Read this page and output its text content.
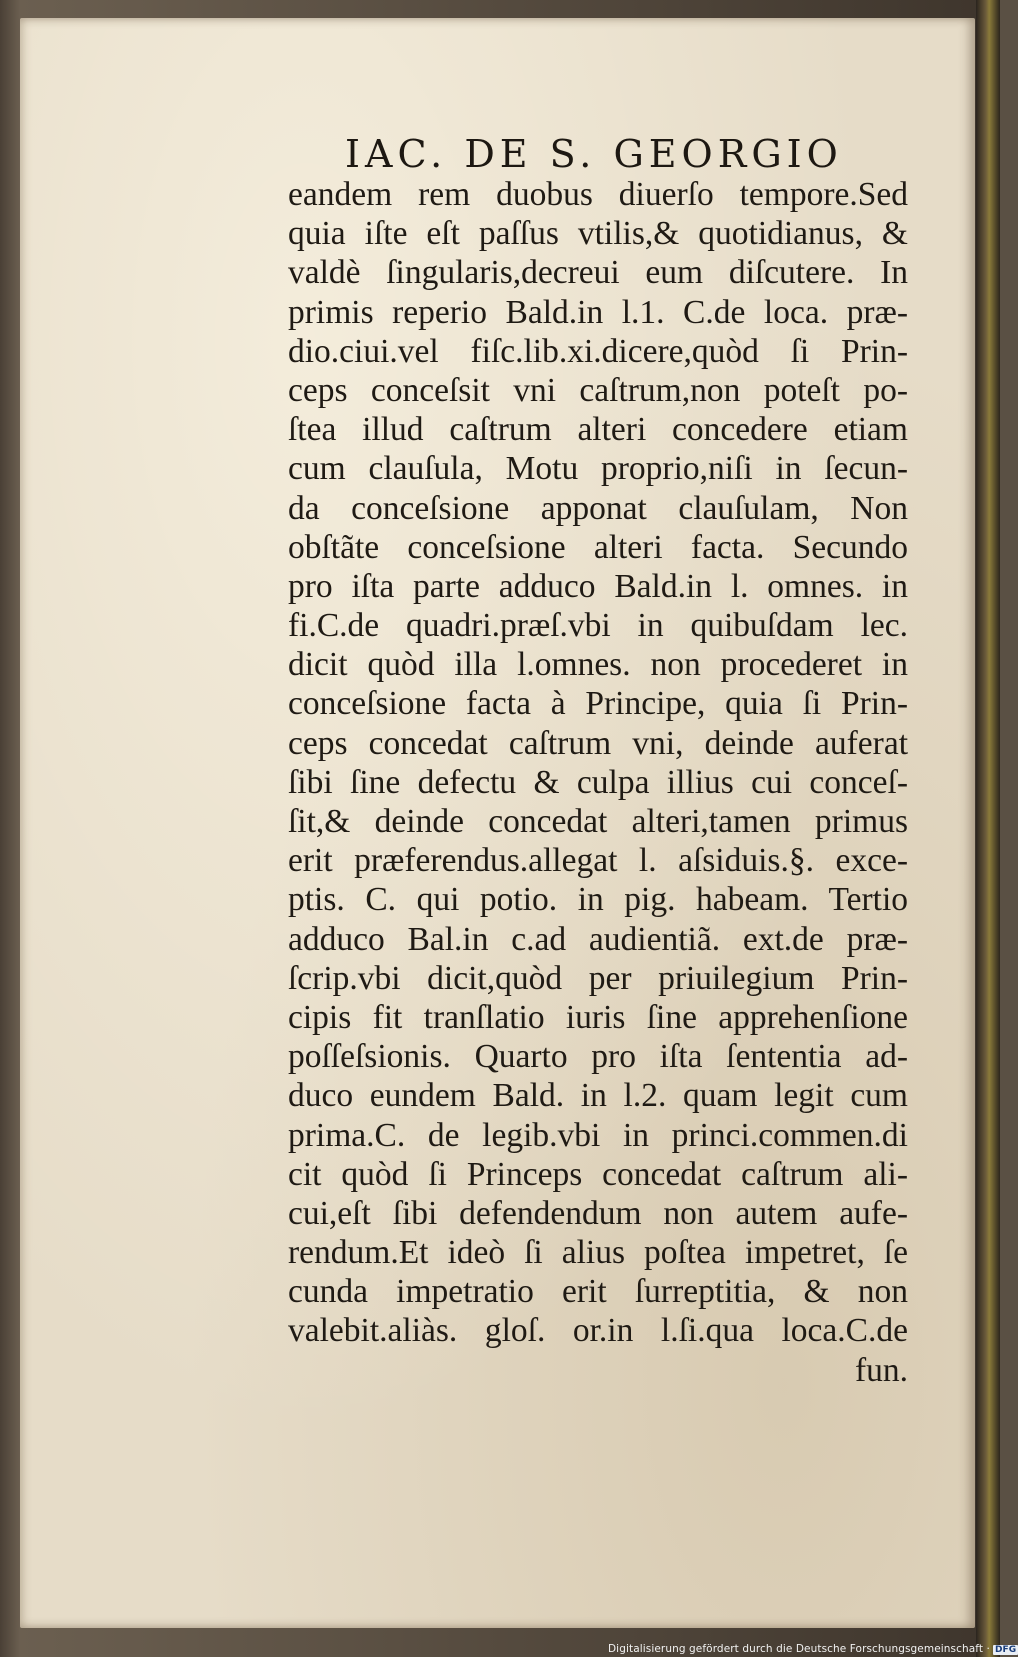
IAC. DE S. GEORGIO
eandem rem duobus diuerſo tempore.Sed
quia iſte eſt paſſus vtilis,& quotidianus, &
valdè ſingularis,decreui eum diſcutere. In
primis reperio Bald.in l.1. C.de loca. præ-
dio.ciui.vel fiſc.lib.xi.dicere,quòd ſi Prin-
ceps conceſsit vni caſtrum,non poteſt po-
ſtea illud caſtrum alteri concedere etiam
cum clauſula, Motu proprio,niſi in ſecun-
da conceſsione apponat clauſulam, Non
obſtãte conceſsione alteri facta. Secundo
pro iſta parte adduco Bald.in l. omnes. in
fi.C.de quadri.præſ.vbi in quibuſdam lec.
dicit quòd illa l.omnes. non procederet in
conceſsione facta à Principe, quia ſi Prin-
ceps concedat caſtrum vni, deinde auferat
ſibi ſine defectu & culpa illius cui conceſ-
ſit,& deinde concedat alteri,tamen primus
erit præferendus.allegat l. aſsiduis.§. exce-
ptis. C. qui potio. in pig. habeam. Tertio
adduco Bal.in c.ad audientiã. ext.de præ-
ſcrip.vbi dicit,quòd per priuilegium Prin-
cipis fit tranſlatio iuris ſine apprehenſione
poſſeſsionis. Quarto pro iſta ſententia ad-
duco eundem Bald. in l.2. quam legit cum
prima.C. de legib.vbi in princi.commen.di
cit quòd ſi Princeps concedat caſtrum ali-
cui,eſt ſibi defendendum non autem aufe-
rendum.Et ideò ſi alius poſtea impetret, ſe
cunda impetratio erit ſurreptitia, & non
valebit.aliàs. gloſ. or.in l.ſi.qua loca.C.de
fun.
Digitalisierung gefördert durch die Deutsche Forschungsgemeinschaft · DFG
